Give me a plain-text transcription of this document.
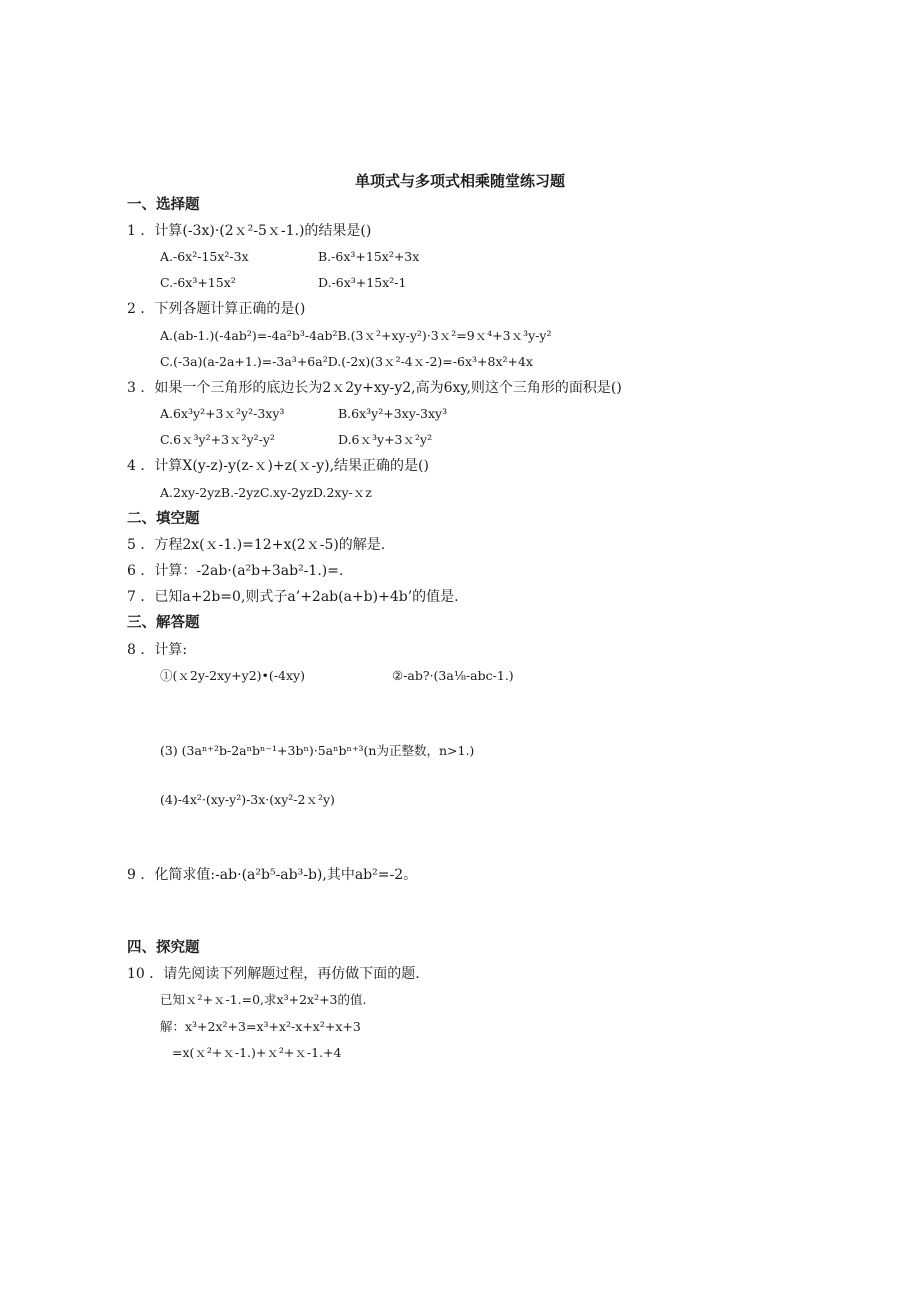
单项式与多项式相乘随堂练习题
一、选择题
1 ．计算(-3x)·(2ｘ²-5ｘ-1.)的结果是()
A.-6x²-15x²-3x	B.-6x³+15x²+3x
C.-6x³+15x²	D.-6x³+15x²-1
2 ．下列各题计算正确的是()
A.(ab-1.)(-4ab²)=-4a²b³-4ab²B.(3ｘ²+xy-y²)·3ｘ²=9ｘ⁴+3ｘ³y-y²
C.(-3a)(a-2a+1.)=-3a³+6a²D.(-2x)(3ｘ²-4ｘ-2)=-6x³+8x²+4x
3 ．如果一个三角形的底边长为2ｘ2y+xy-y2,高为6xy,则这个三角形的面积是()
A.6x³y²+3ｘ²y²-3xy³	B.6x³y²+3xy-3xy³
C.6ｘ³y²+3ｘ²y²-y²	D.6ｘ³y+3ｘ²y²
4 ．计算X(y-z)-y(z-ｘ)+z(ｘ-y),结果正确的是()
A.2xy-2yzB.-2yzC.xy-2yzD.2xy-ｘz
二、填空题
5 ．方程2x(ｘ-1.)=12+x(2ｘ-5)的解是.
6 ．计算：-2ab·(a²b+3ab²-1.)=.
7 ．已知a+2b=0,则式子a’+2ab(a+b)+4b’的值是.
三、解答题
8 ．计算:
①(ｘ2y-2xy+y2)•(-4xy)	②-ab?·(3a⅛-abc-1.)
(3) (3aⁿ⁺²b-2aⁿbⁿ⁻¹+3bⁿ)·5aⁿbⁿ⁺³(n为正整数，n>1.)
(4)-4x²·(xy-y²)-3x·(xy²-2ｘ²y)
9 ．化简求值:-ab·(a²b⁵-ab³-b),其中ab²=-2。
四、探究题
10 ．请先阅读下列解题过程，再仿做下面的题.
已知ｘ²+ｘ-1.=0,求x³+2x²+3的值.
解：x³+2x²+3=x³+x²-x+x²+x+3
=x(ｘ²+ｘ-1.)+ｘ²+ｘ-1.+4
